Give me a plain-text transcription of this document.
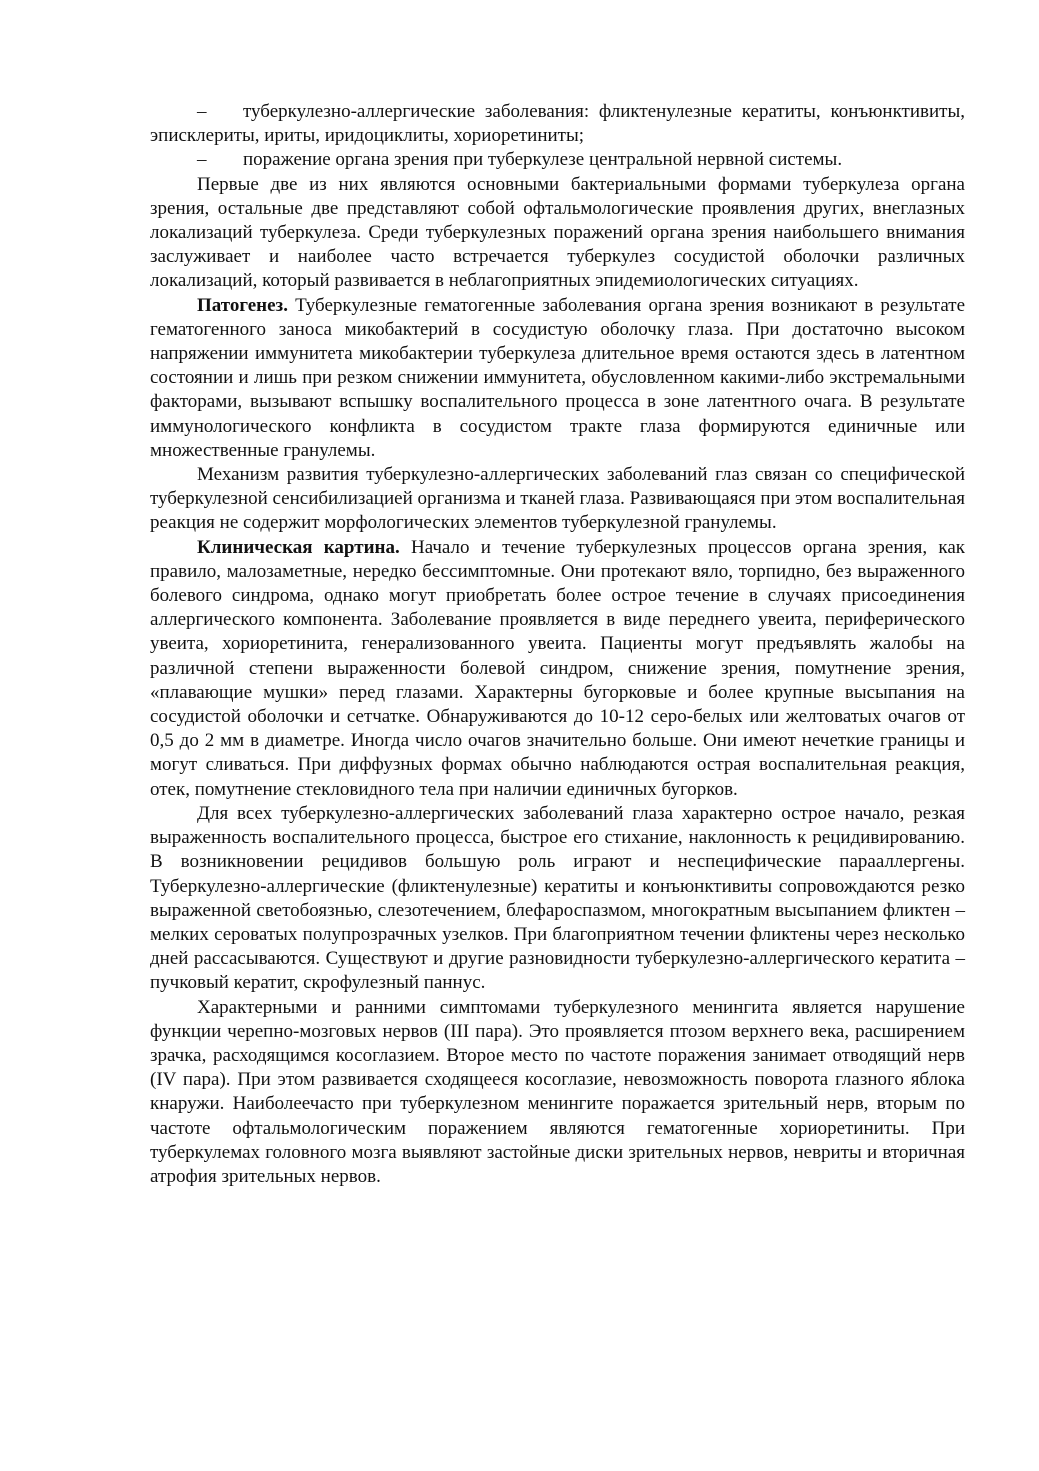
– туберкулезно-аллергические заболевания: фликтенулезные кератиты, конъюнктивиты, эписклериты, ириты, иридоциклиты, хориоретиниты;

– поражение органа зрения при туберкулезе центральной нервной системы.

Первые две из них являются основными бактериальными формами туберкулеза органа зрения, остальные две представляют собой офтальмологические проявления других, внеглазных локализаций туберкулеза. Среди туберкулезных поражений органа зрения наибольшего внимания заслуживает и наиболее часто встречается туберкулез сосудистой оболочки различных локализаций, который развивается в неблагоприятных эпидемиологических ситуациях.

Патогенез. Туберкулезные гематогенные заболевания органа зрения возникают в результате гематогенного заноса микобактерий в сосудистую оболочку глаза. При достаточно высоком напряжении иммунитета микобактерии туберкулеза длительное время остаются здесь в латентном состоянии и лишь при резком снижении иммунитета, обусловленном какими-либо экстремальными факторами, вызывают вспышку воспалительного процесса в зоне латентного очага. В результате иммунологического конфликта в сосудистом тракте глаза формируются единичные или множественные гранулемы.

Механизм развития туберкулезно-аллергических заболеваний глаз связан со специфической туберкулезной сенсибилизацией организма и тканей глаза. Развивающаяся при этом воспалительная реакция не содержит морфологических элементов туберкулезной гранулемы.

Клиническая картина. Начало и течение туберкулезных процессов органа зрения, как правило, малозаметные, нередко бессимптомные. Они протекают вяло, торпидно, без выраженного болевого синдрома, однако могут приобретать более острое течение в случаях присоединения аллергического компонента. Заболевание проявляется в виде переднего увеита, периферического увеита, хориоретинита, генерализованного увеита. Пациенты могут предъявлять жалобы на различной степени выраженности болевой синдром, снижение зрения, помутнение зрения, «плавающие мушки» перед глазами. Характерны бугорковые и более крупные высыпания на сосудистой оболочки и сетчатке. Обнаруживаются до 10-12 серо-белых или желтоватых очагов от 0,5 до 2 мм в диаметре. Иногда число очагов значительно больше. Они имеют нечеткие границы и могут сливаться. При диффузных формах обычно наблюдаются острая воспалительная реакция, отек, помутнение стекловидного тела при наличии единичных бугорков.

Для всех туберкулезно-аллергических заболеваний глаза характерно острое начало, резкая выраженность воспалительного процесса, быстрое его стихание, наклонность к рецидивированию. В возникновении рецидивов большую роль играют и неспецифические парааллергены. Туберкулезно-аллергические (фликтенулезные) кератиты и конъюнктивиты сопровождаются резко выраженной светобоязнью, слезотечением, блефароспазмом, многократным высыпанием фликтен – мелких сероватых полупрозрачных узелков. При благоприятном течении фликтены через несколько дней рассасываются. Существуют и другие разновидности туберкулезно-аллергического кератита – пучковый кератит, скрофулезный паннус.

Характерными и ранними симптомами туберкулезного менингита является нарушение функции черепно-мозговых нервов (III пара). Это проявляется птозом верхнего века, расширением зрачка, расходящимся косоглазием. Второе место по частоте поражения занимает отводящий нерв (IV пара). При этом развивается сходящееся косоглазие, невозможность поворота глазного яблока кнаружи. Наиболеечасто при туберкулезном менингите поражается зрительный нерв, вторым по частоте офтальмологическим поражением являются гематогенные хориоретиниты. При туберкулемах головного мозга выявляют застойные диски зрительных нервов, невриты и вторичная атрофия зрительных нервов.
